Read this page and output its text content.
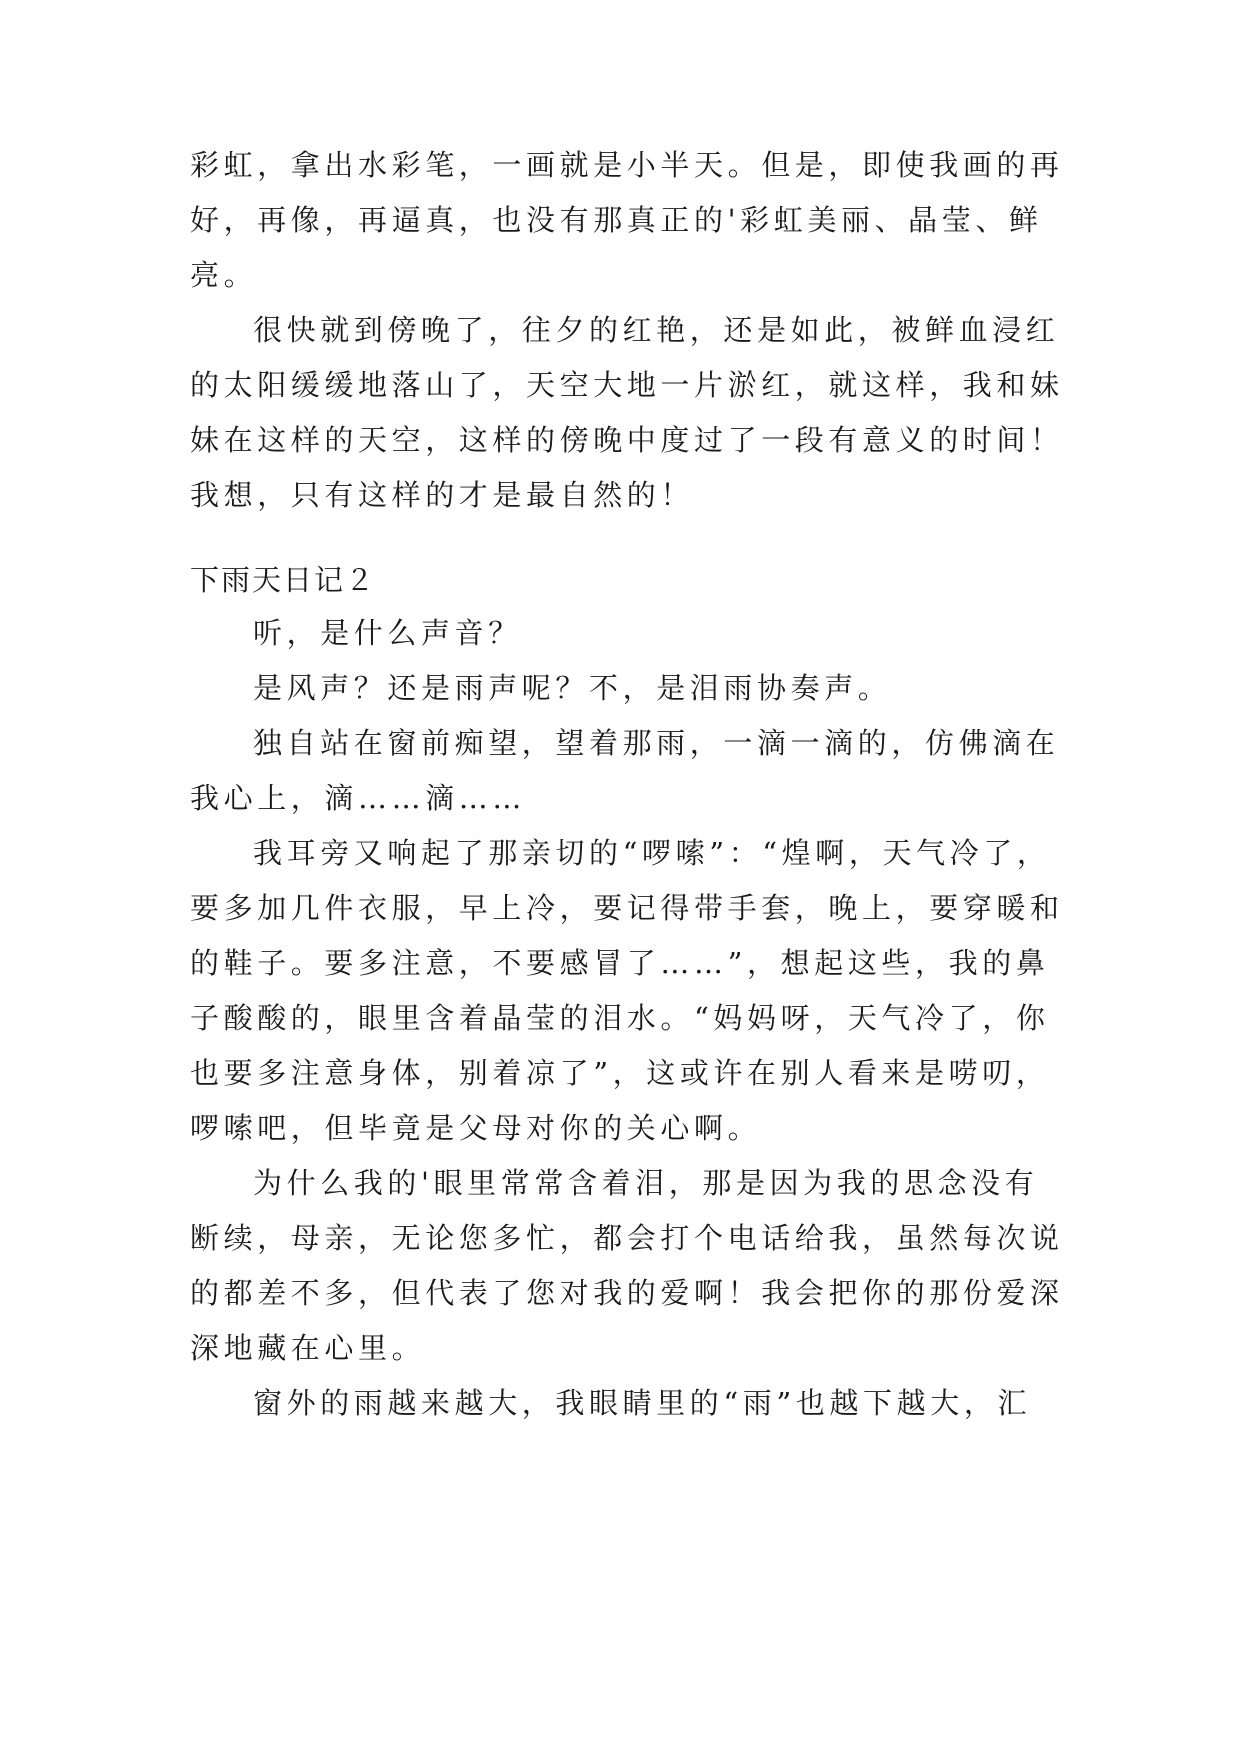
彩虹，拿出水彩笔，一画就是小半天。但是，即使我画的再
好，再像，再逼真，也没有那真正的'彩虹美丽、晶莹、鲜
亮。
很快就到傍晚了，往夕的红艳，还是如此，被鲜血浸红
的太阳缓缓地落山了，天空大地一片淤红，就这样，我和妹
妹在这样的天空，这样的傍晚中度过了一段有意义的时间！
我想，只有这样的才是最自然的！
下雨天日记２
听，是什么声音？
是风声？还是雨声呢？不，是泪雨协奏声。
独自站在窗前痴望，望着那雨，一滴一滴的，仿佛滴在
我心上，滴……滴……
我耳旁又响起了那亲切的“啰嗦”：“煌啊，天气冷了，
要多加几件衣服，早上冷，要记得带手套，晚上，要穿暖和
的鞋子。要多注意，不要感冒了……”，想起这些，我的鼻
子酸酸的，眼里含着晶莹的泪水。“妈妈呀，天气冷了，你
也要多注意身体，别着凉了”，这或许在别人看来是唠叨，
啰嗦吧，但毕竟是父母对你的关心啊。
为什么我的'眼里常常含着泪，那是因为我的思念没有
断续，母亲，无论您多忙，都会打个电话给我，虽然每次说
的都差不多，但代表了您对我的爱啊！我会把你的那份爱深
深地藏在心里。
窗外的雨越来越大，我眼睛里的“雨”也越下越大，汇
